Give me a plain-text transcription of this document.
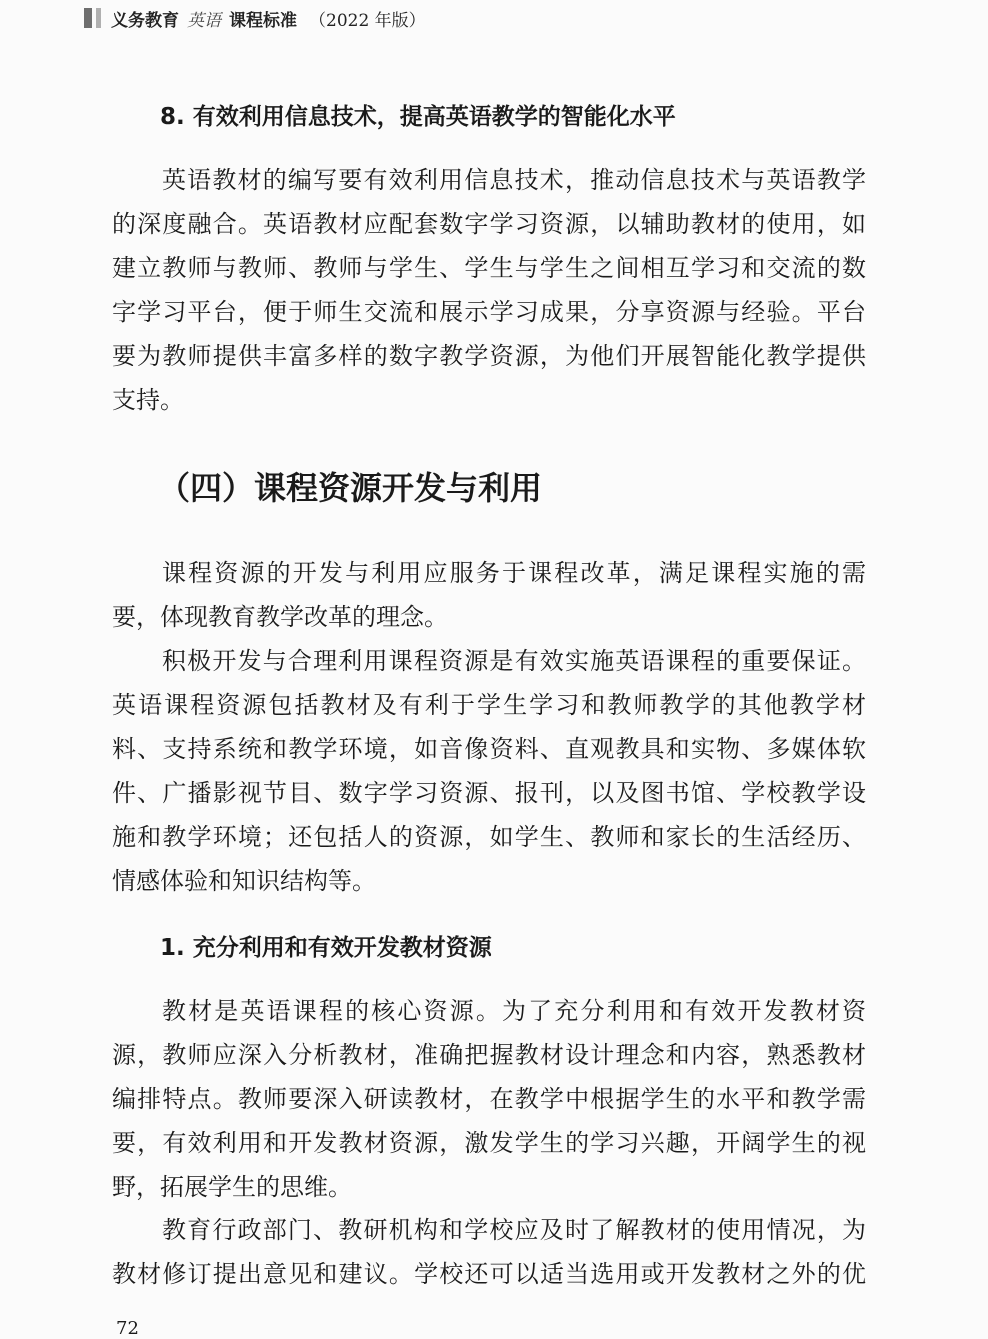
义务教育 英语 课程标准 （2022 年版）
8. 有效利用信息技术，提高英语教学的智能化水平
英语教材的编写要有效利用信息技术，推动信息技术与英语教学
的深度融合。英语教材应配套数字学习资源，以辅助教材的使用，如
建立教师与教师、教师与学生、学生与学生之间相互学习和交流的数
字学习平台，便于师生交流和展示学习成果，分享资源与经验。平台
要为教师提供丰富多样的数字教学资源，为他们开展智能化教学提供
支持。
（四）课程资源开发与利用
课程资源的开发与利用应服务于课程改革，满足课程实施的需
要，体现教育教学改革的理念。
积极开发与合理利用课程资源是有效实施英语课程的重要保证。
英语课程资源包括教材及有利于学生学习和教师教学的其他教学材
料、支持系统和教学环境，如音像资料、直观教具和实物、多媒体软
件、广播影视节目、数字学习资源、报刊，以及图书馆、学校教学设
施和教学环境；还包括人的资源，如学生、教师和家长的生活经历、
情感体验和知识结构等。
1. 充分利用和有效开发教材资源
教材是英语课程的核心资源。为了充分利用和有效开发教材资
源，教师应深入分析教材，准确把握教材设计理念和内容，熟悉教材
编排特点。教师要深入研读教材，在教学中根据学生的水平和教学需
要，有效利用和开发教材资源，激发学生的学习兴趣，开阔学生的视
野，拓展学生的思维。
教育行政部门、教研机构和学校应及时了解教材的使用情况，为
教材修订提出意见和建议。学校还可以适当选用或开发教材之外的优
72
